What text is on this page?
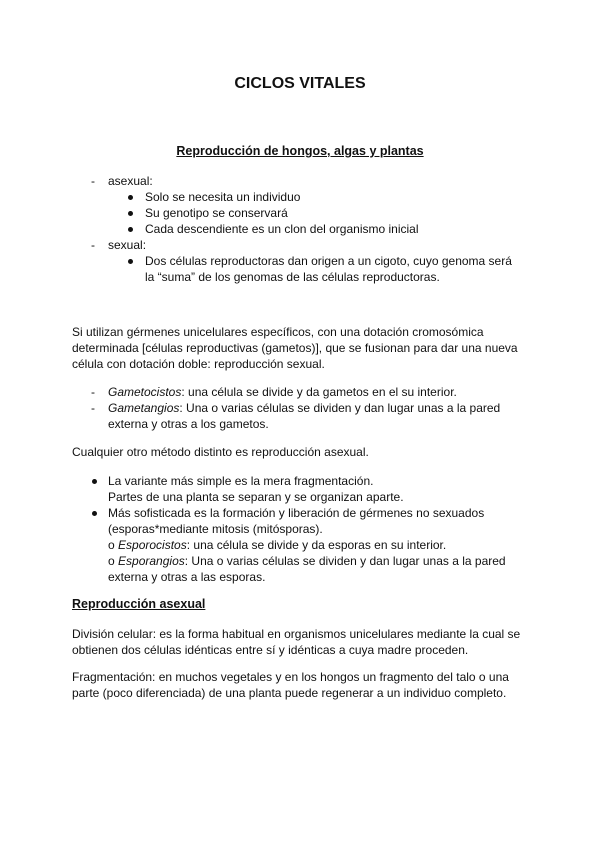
CICLOS VITALES
Reproducción de hongos, algas y plantas
- asexual:
Solo se necesita un individuo
Su genotipo se conservará
Cada descendiente es un clon del organismo inicial
- sexual:
Dos células reproductoras dan origen a un cigoto, cuyo genoma será
la “suma” de los genomas de las células reproductoras.
Si utilizan gérmenes unicelulares específicos, con una dotación cromosómica
determinada [células reproductivas (gametos)], que se fusionan para dar una nueva
célula con dotación doble: reproducción sexual.
- Gametocistos: una célula se divide y da gametos en el su interior.
- Gametangios: Una o varias células se dividen y dan lugar unas a la pared
externa y otras a los gametos.
Cualquier otro método distinto es reproducción asexual.
La variante más simple es la mera fragmentación.
Partes de una planta se separan y se organizan aparte.
Más sofisticada es la formación y liberación de gérmenes no sexuados
(esporas*mediante mitosis (mitósporas).
o Esporocistos: una célula se divide y da esporas en su interior.
o Esporangios: Una o varias células se dividen y dan lugar unas a la pared
externa y otras a las esporas.
Reproducción asexual
División celular: es la forma habitual en organismos unicelulares mediante la cual se
obtienen dos células idénticas entre sí y idénticas a cuya madre proceden.
Fragmentación: en muchos vegetales y en los hongos un fragmento del talo o una
parte (poco diferenciada) de una planta puede regenerar a un individuo completo.
